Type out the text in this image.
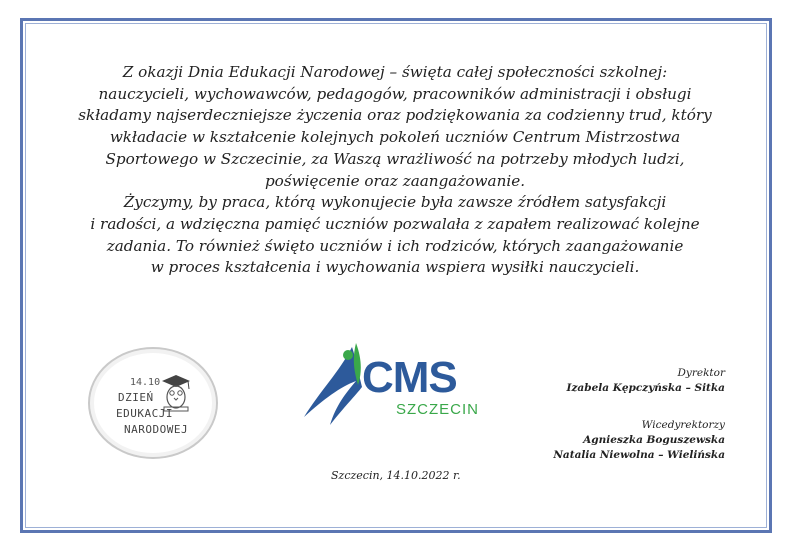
Z okazji Dnia Edukacji Narodowej – święta całej społeczności szkolnej:

nauczycieli, wychowawców, pedagogów, pracowników administracji i obsługi

składamy najserdeczniejsze życzenia oraz podziękowania za codzienny trud, który

wkładacie w kształcenie kolejnych pokoleń uczniów Centrum Mistrzostwa

Sportowego w Szczecinie, za Waszą wrażliwość na potrzeby młodych ludzi,

poświęcenie oraz zaangażowanie.

Życzymy, by praca, którą wykonujecie była zawsze źródłem satysfakcji

i radości, a wdzięczna pamięć uczniów pozwalała z zapałem realizować kolejne

zadania. To również święto uczniów i ich rodziców, których zaangażowanie

w proces kształcenia i wychowania wspiera wysiłki nauczycieli.

14.10
DZIEŃ
EDUKACJI
NARODOWEJ
CMS
SZCZECIN
Szczecin, 14.10.2022 r.
Dyrektor
Izabela Kępczyńska – Sitka
Wicedyrektorzy
Agnieszka Boguszewska
Natalia Niewolna – Wielińska
